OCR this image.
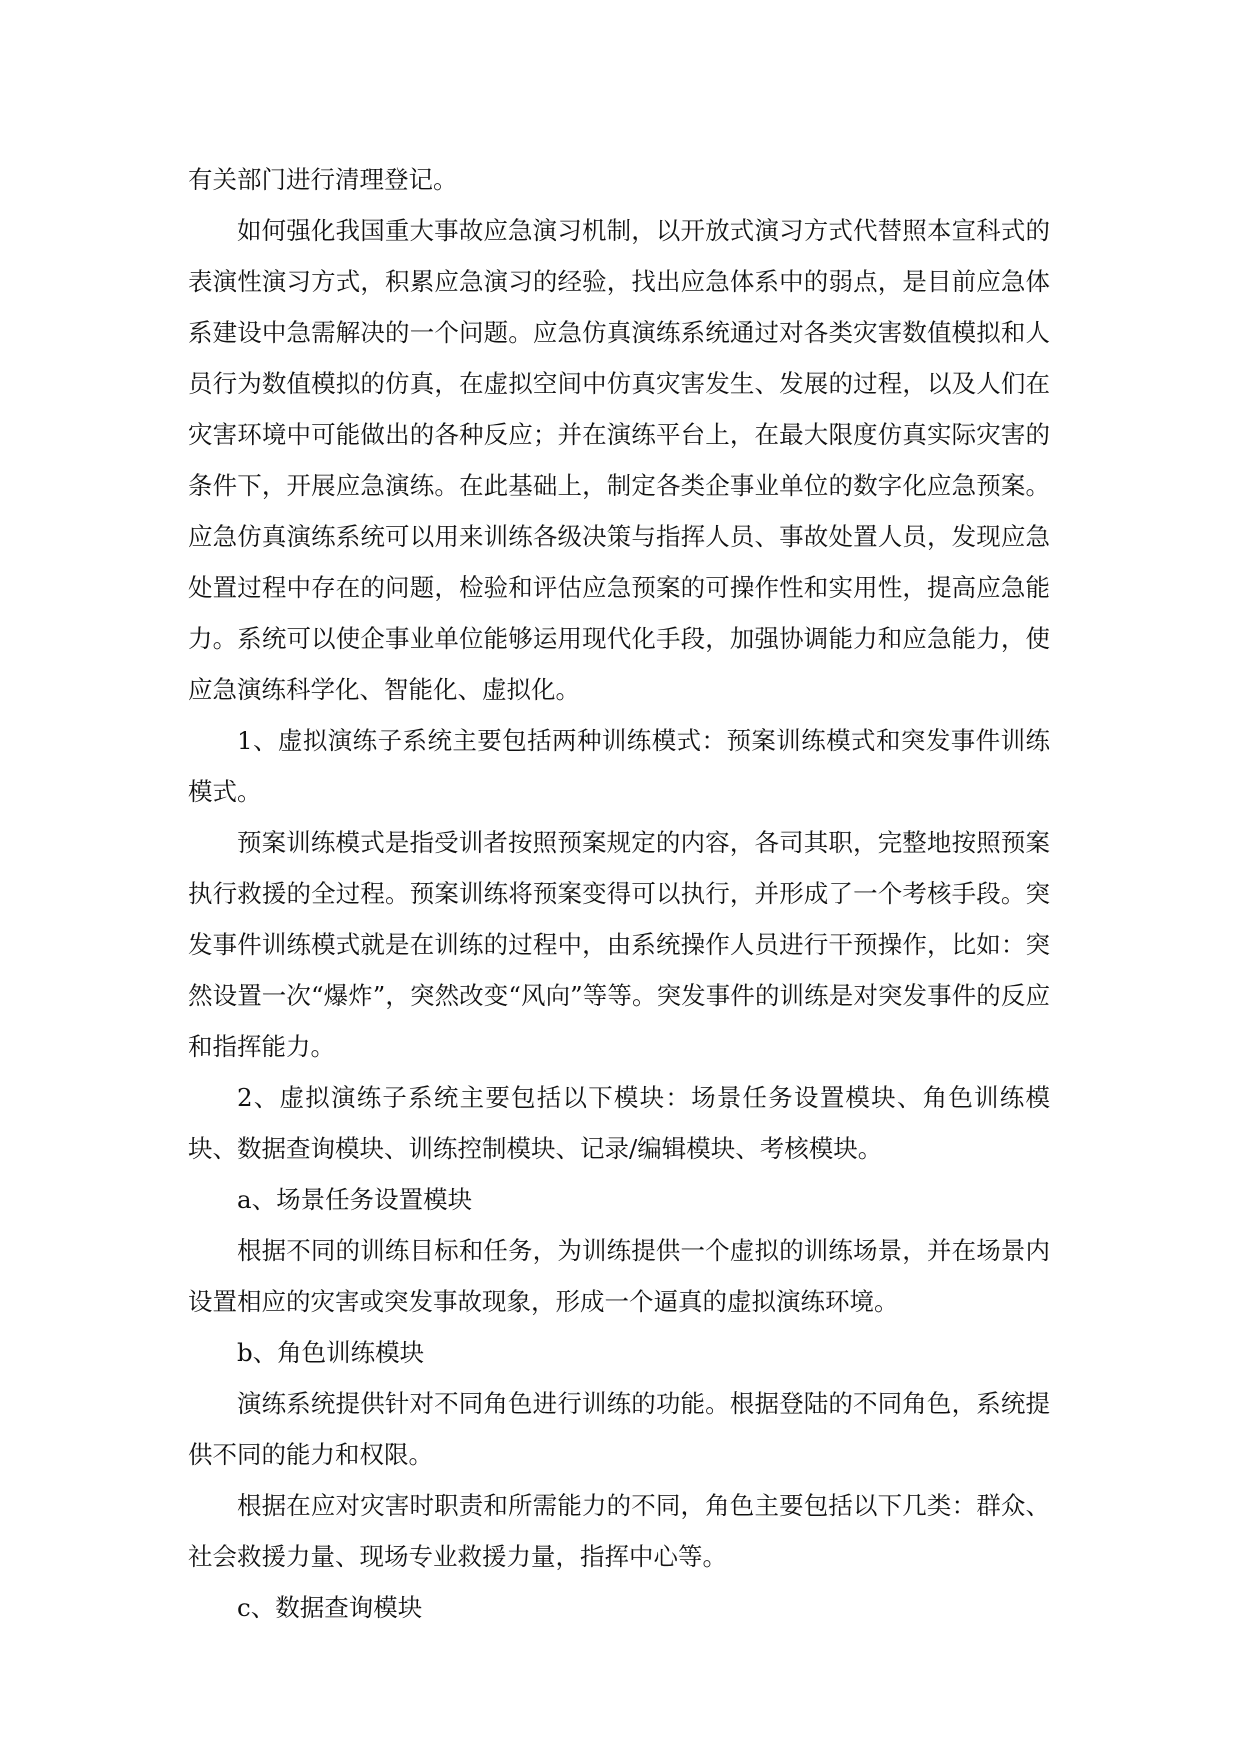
有关部门进行清理登记。

如何强化我国重大事故应急演习机制，以开放式演习方式代替照本宣科式的表演性演习方式，积累应急演习的经验，找出应急体系中的弱点，是目前应急体系建设中急需解决的一个问题。应急仿真演练系统通过对各类灾害数值模拟和人员行为数值模拟的仿真，在虚拟空间中仿真灾害发生、发展的过程，以及人们在灾害环境中可能做出的各种反应；并在演练平台上，在最大限度仿真实际灾害的条件下，开展应急演练。在此基础上，制定各类企事业单位的数字化应急预案。应急仿真演练系统可以用来训练各级决策与指挥人员、事故处置人员，发现应急处置过程中存在的问题，检验和评估应急预案的可操作性和实用性，提高应急能力。系统可以使企事业单位能够运用现代化手段，加强协调能力和应急能力，使应急演练科学化、智能化、虚拟化。

1、虚拟演练子系统主要包括两种训练模式：预案训练模式和突发事件训练模式。

预案训练模式是指受训者按照预案规定的内容，各司其职，完整地按照预案执行救援的全过程。预案训练将预案变得可以执行，并形成了一个考核手段。突发事件训练模式就是在训练的过程中，由系统操作人员进行干预操作，比如：突然设置一次“爆炸”，突然改变“风向”等等。突发事件的训练是对突发事件的反应和指挥能力。

2、虚拟演练子系统主要包括以下模块：场景任务设置模块、角色训练模块、数据查询模块、训练控制模块、记录/编辑模块、考核模块。

a、场景任务设置模块

根据不同的训练目标和任务，为训练提供一个虚拟的训练场景，并在场景内设置相应的灾害或突发事故现象，形成一个逼真的虚拟演练环境。

b、角色训练模块

演练系统提供针对不同角色进行训练的功能。根据登陆的不同角色，系统提供不同的能力和权限。

根据在应对灾害时职责和所需能力的不同，角色主要包括以下几类：群众、社会救援力量、现场专业救援力量，指挥中心等。

c、数据查询模块
